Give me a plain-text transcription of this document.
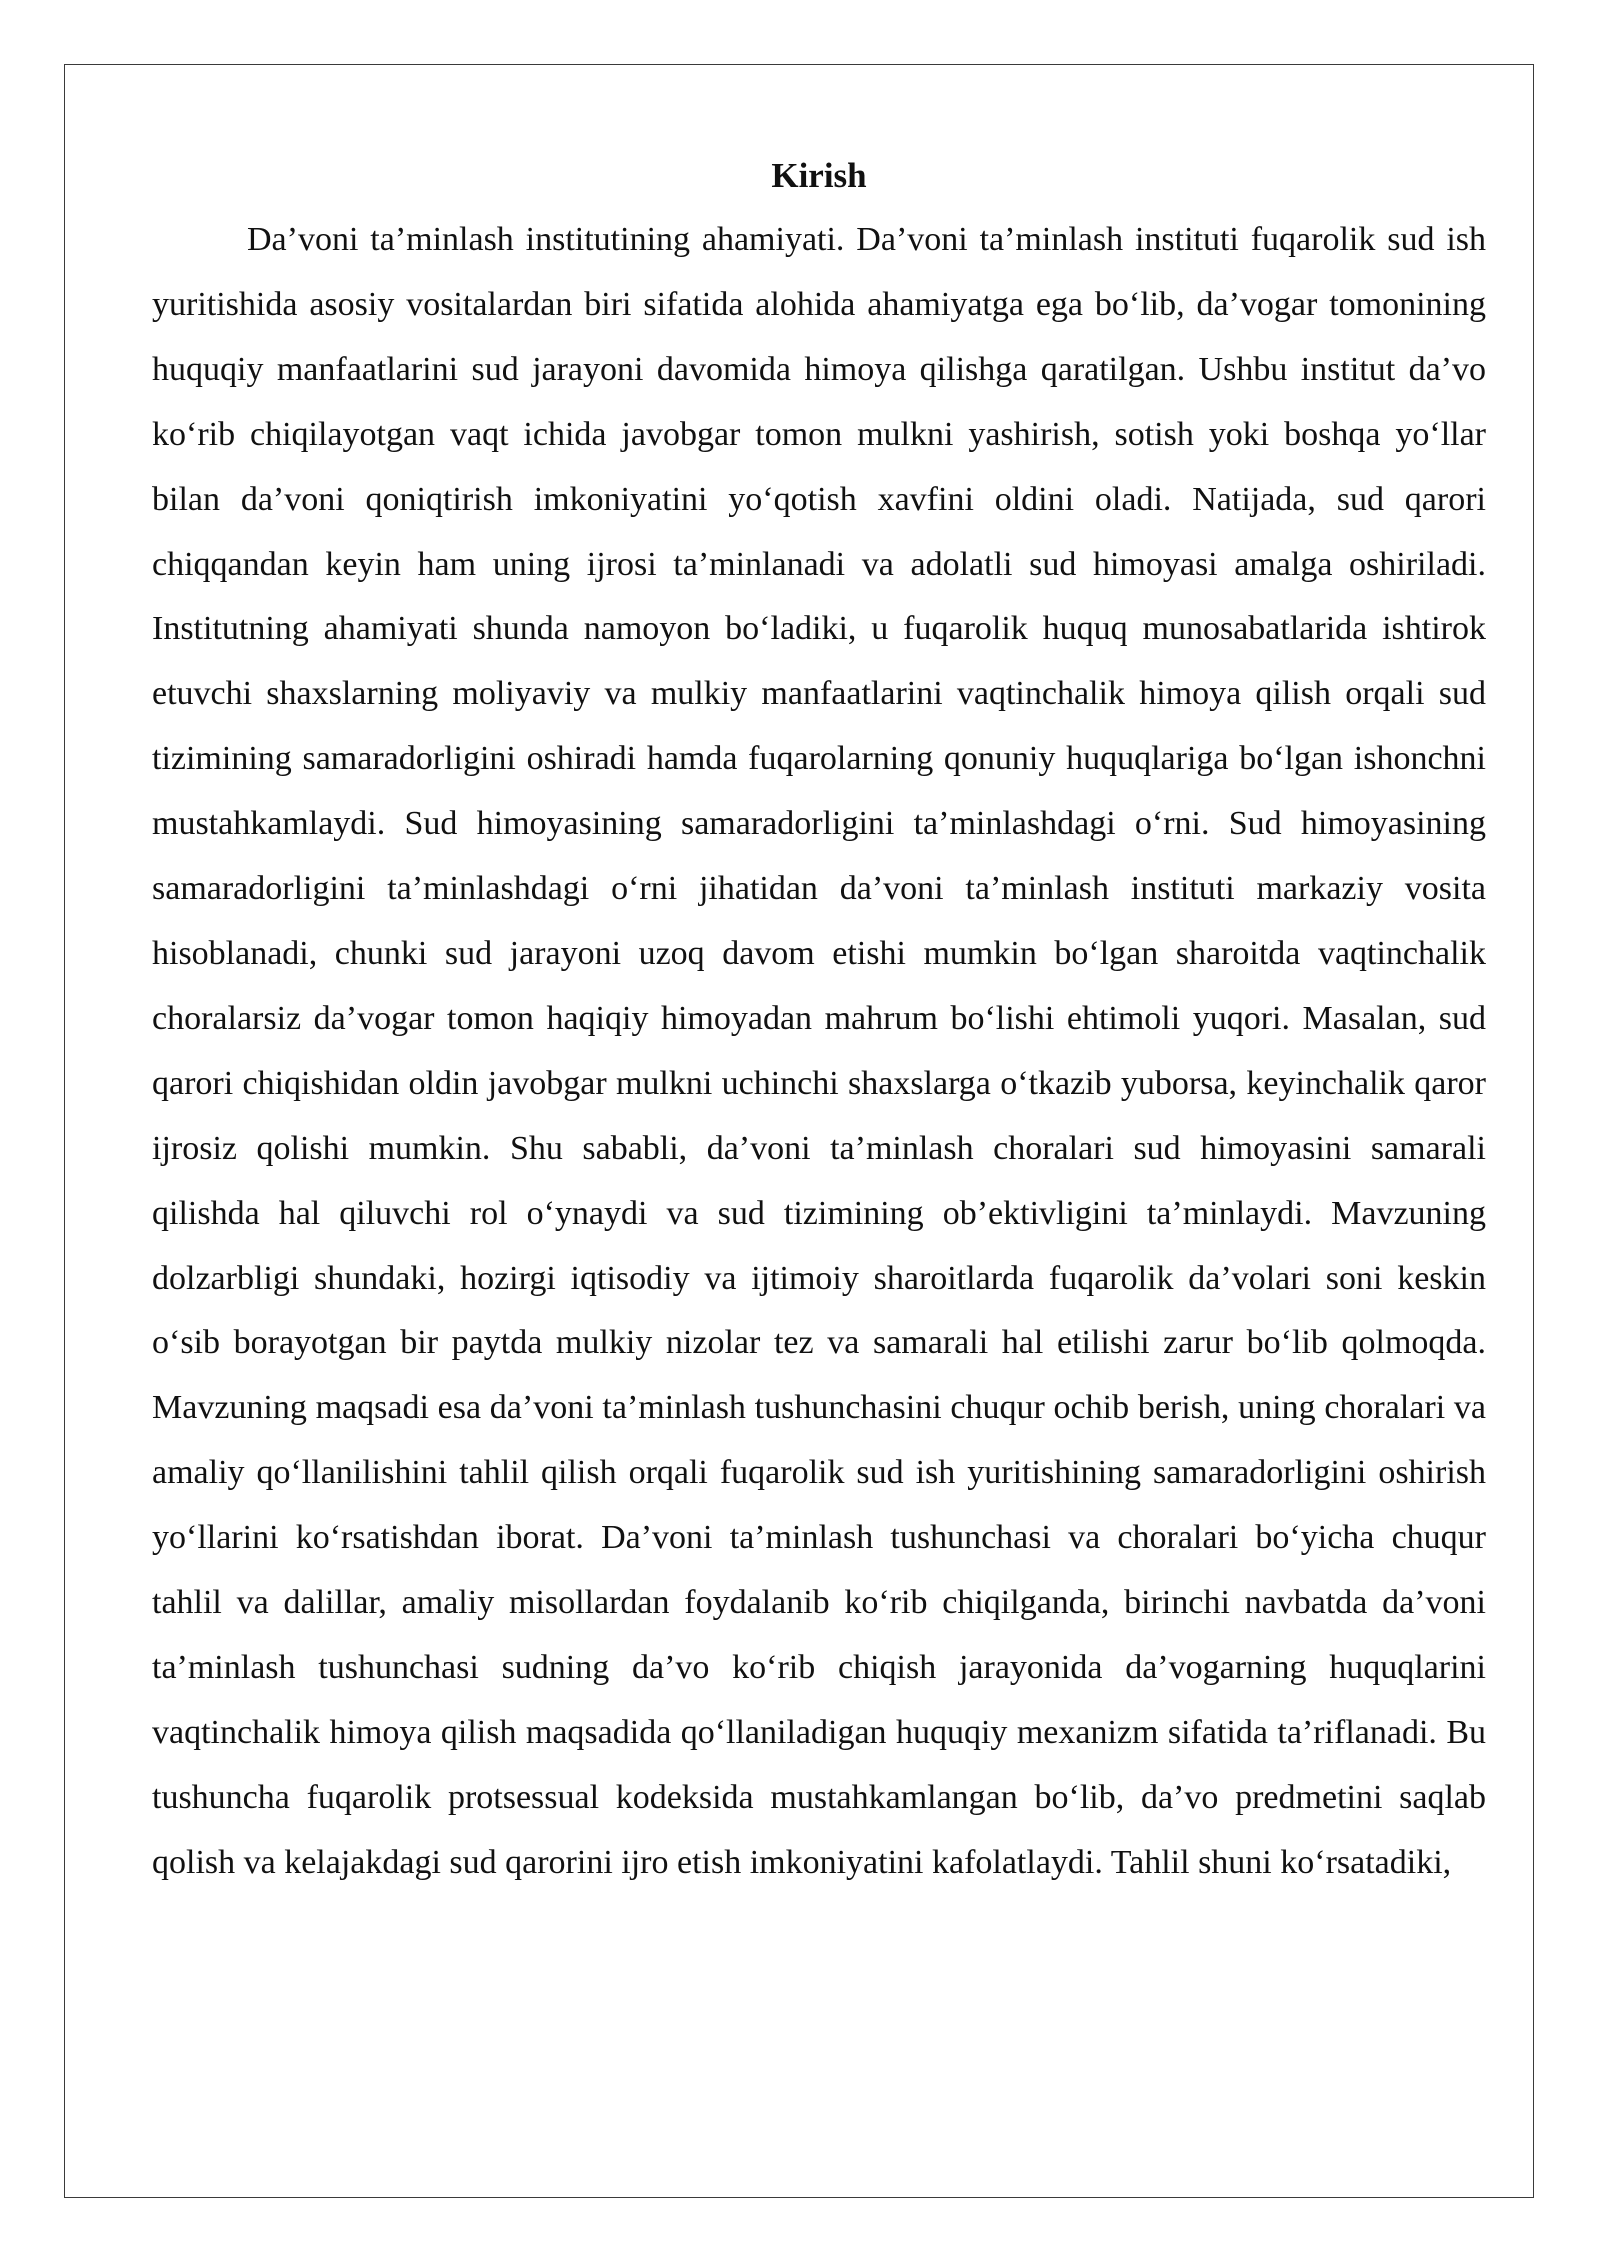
Kirish

Da’voni ta’minlash institutining ahamiyati. Da’voni ta’minlash instituti fuqarolik sud ish yuritishida asosiy vositalardan biri sifatida alohida ahamiyatga ega bo‘lib, da’vogar tomonining huquqiy manfaatlarini sud jarayoni davomida himoya qilishga qaratilgan. Ushbu institut da’vo ko‘rib chiqilayotgan vaqt ichida javobgar tomon mulkni yashirish, sotish yoki boshqa yo‘llar bilan da’voni qoniqtirish imkoniyatini yo‘qotish xavfini oldini oladi. Natijada, sud qarori chiqqandan keyin ham uning ijrosi ta’minlanadi va adolatli sud himoyasi amalga oshiriladi. Institutning ahamiyati shunda namoyon bo‘ladiki, u fuqarolik huquq munosabatlarida ishtirok etuvchi shaxslarning moliyaviy va mulkiy manfaatlarini vaqtinchalik himoya qilish orqali sud tizimining samaradorligini oshiradi hamda fuqarolarning qonuniy huquqlariga bo‘lgan ishonchni mustahkamlaydi. Sud himoyasining samaradorligini ta’minlashdagi o‘rni. Sud himoyasining samaradorligini ta’minlashdagi o‘rni jihatidan da’voni ta’minlash instituti markaziy vosita hisoblanadi, chunki sud jarayoni uzoq davom etishi mumkin bo‘lgan sharoitda vaqtinchalik choralarsiz da’vogar tomon haqiqiy himoyadan mahrum bo‘lishi ehtimoli yuqori. Masalan, sud qarori chiqishidan oldin javobgar mulkni uchinchi shaxslarga o‘tkazib yuborsa, keyinchalik qaror ijrosiz qolishi mumkin. Shu sababli, da’voni ta’minlash choralari sud himoyasini samarali qilishda hal qiluvchi rol o‘ynaydi va sud tizimining ob’ektivligini ta’minlaydi. Mavzuning dolzarbligi shundaki, hozirgi iqtisodiy va ijtimoiy sharoitlarda fuqarolik da’volari soni keskin o‘sib borayotgan bir paytda mulkiy nizolar tez va samarali hal etilishi zarur bo‘lib qolmoqda. Mavzuning maqsadi esa da’voni ta’minlash tushunchasini chuqur ochib berish, uning choralari va amaliy qo‘llanilishini tahlil qilish orqali fuqarolik sud ish yuritishining samaradorligini oshirish yo‘llarini ko‘rsatishdan iborat. Da’voni ta’minlash tushunchasi va choralari bo‘yicha chuqur tahlil va dalillar, amaliy misollardan foydalanib ko‘rib chiqilganda, birinchi navbatda da’voni ta’minlash tushunchasi sudning da’vo ko‘rib chiqish jarayonida da’vogarning huquqlarini vaqtinchalik himoya qilish maqsadida qo‘llaniladigan huquqiy mexanizm sifatida ta’riflanadi. Bu tushuncha fuqarolik protsessual kodeksida mustahkamlangan bo‘lib, da’vo predmetini saqlab qolish va kelajakdagi sud qarorini ijro etish imkoniyatini kafolatlaydi. Tahlil shuni ko‘rsatadiki,
